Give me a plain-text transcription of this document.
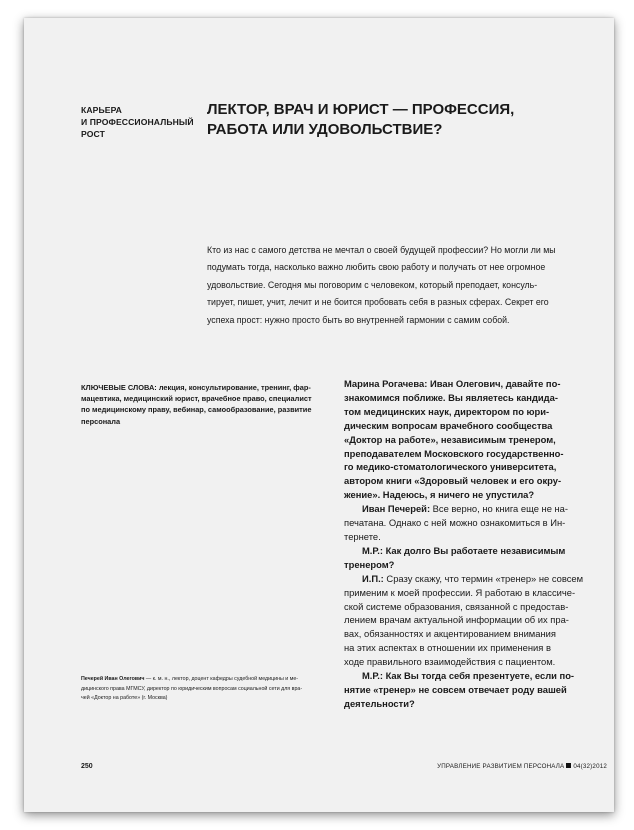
КАРЬЕРА
И ПРОФЕССИОНАЛЬНЫЙ
РОСТ
ЛЕКТОР, ВРАЧ И ЮРИСТ — ПРОФЕССИЯ,
РАБОТА ИЛИ УДОВОЛЬСТВИЕ?
Кто из нас с самого детства не мечтал о своей будущей профессии? Но могли ли мы
подумать тогда, насколько важно любить свою работу и получать от нее огромное
удовольствие. Сегодня мы поговорим с человеком, который преподает, консуль-
тирует, пишет, учит, лечит и не боится пробовать себя в разных сферах. Секрет его
успеха прост: нужно просто быть во внутренней гармонии с самим собой.
КЛЮЧЕВЫЕ СЛОВА: лекция, консультирование, тренинг, фар-
мацевтика, медицинский юрист, врачебное право, специалист
по медицинскому праву, вебинар, самообразование, развитие
персонала
Печерей Иван Олегович — к. м. н., лектор, доцент кафедры судебной медицины и ме-
дицинского права МГМСУ, директор по юридическим вопросам социальной сети для вра-
чей «Доктор на работе» (г. Москва)
Марина Рогачева: Иван Олегович, давайте по-
знакомимся поближе. Вы являетесь кандида-
том медицинских наук, директором по юри-
дическим вопросам врачебного сообщества
«Доктор на работе», независимым тренером,
преподавателем Московского государственно-
го медико-стоматологического университета,
автором книги «Здоровый человек и его окру-
жение». Надеюсь, я ничего не упустила?
Иван Печерей: Все верно, но книга еще не на-
печатана. Однако с ней можно ознакомиться в Ин-
тернете.
М.Р.: Как долго Вы работаете независимым
тренером?
И.П.: Сразу скажу, что термин «тренер» не совсем
применим к моей профессии. Я работаю в классиче-
ской системе образования, связанной с предостав-
лением врачам актуальной информации об их пра-
вах, обязанностях и акцентированием внимания
на этих аспектах в отношении их применения в
ходе правильного взаимодействия с пациентом.
М.Р.: Как Вы тогда себя презентуете, если по-
нятие «тренер» не совсем отвечает роду вашей
деятельности?
250	УПРАВЛЕНИЕ РАЗВИТИЕМ ПЕРСОНАЛА 04(32)2012
